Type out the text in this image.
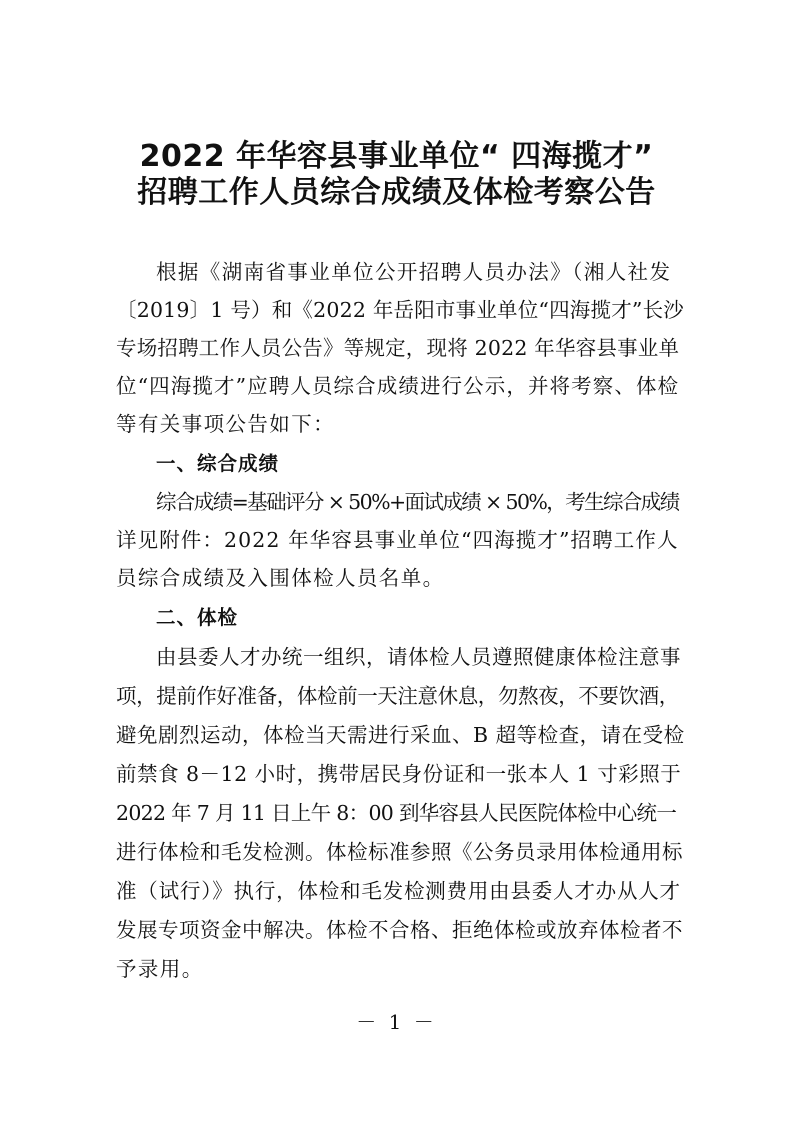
2022 年华容县事业单位“ 四海揽才”
招聘工作人员综合成绩及体检考察公告
根据《湖南省事业单位公开招聘人员办法》（湘人社发
〔2019〕1 号）和《2022 年岳阳市事业单位“四海揽才”长沙
专场招聘工作人员公告》等规定，现将 2022 年华容县事业单
位“四海揽才”应聘人员综合成绩进行公示，并将考察、体检
等有关事项公告如下：
一、综合成绩
综合成绩=基础评分 × 50%+面试成绩 × 50%，考生综合成绩
详见附件：2022 年华容县事业单位“四海揽才”招聘工作人
员综合成绩及入围体检人员名单。
二、体检
由县委人才办统一组织，请体检人员遵照健康体检注意事
项，提前作好准备，体检前一天注意休息，勿熬夜，不要饮酒，
避免剧烈运动，体检当天需进行采血、B 超等检查，请在受检
前禁食 8－12 小时，携带居民身份证和一张本人 1 寸彩照于
2022 年 7 月 11 日上午 8：00 到华容县人民医院体检中心统一
进行体检和毛发检测。体检标准参照《公务员录用体检通用标
准（试行）》执行，体检和毛发检测费用由县委人才办从人才
发展专项资金中解决。体检不合格、拒绝体检或放弃体检者不
予录用。
－ 1 －
